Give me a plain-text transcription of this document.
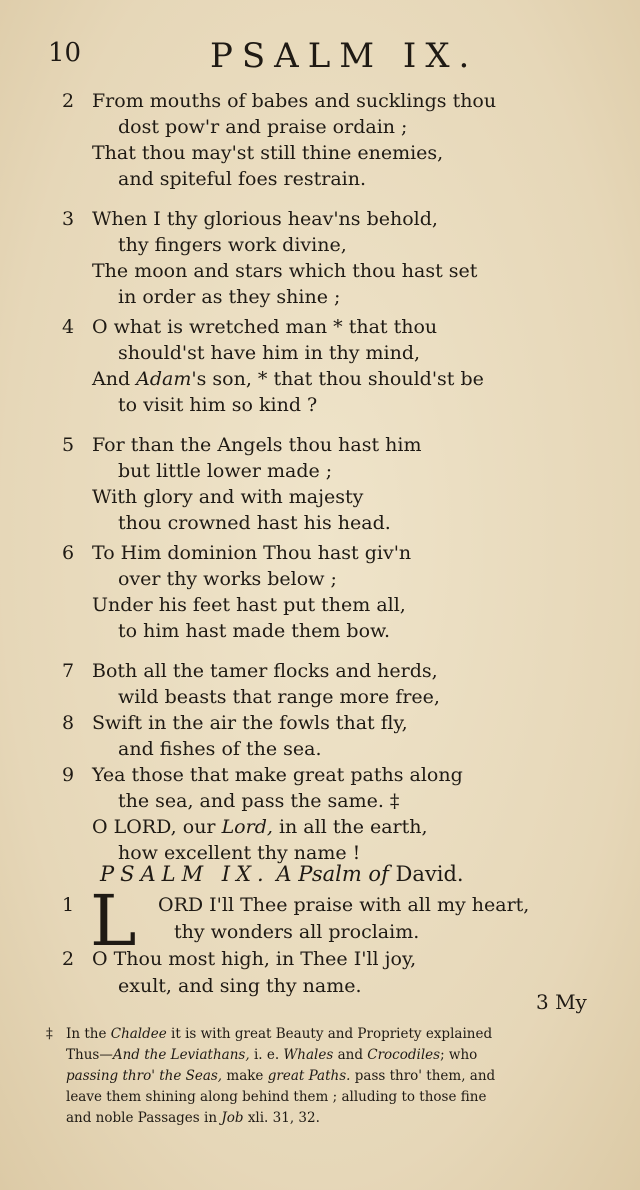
10	PSALM IX.
2 From mouths of babes and sucklings thou
dost pow'r and praise ordain ;
That thou may'st still thine enemies,
and spiteful foes restrain.
3 When I thy glorious heav'ns behold,
thy fingers work divine,
The moon and stars which thou hast set
in order as they shine ;
4 O what is wretched man * that thou
should'st have him in thy mind,
And Adam's son, * that thou should'st be
to visit him so kind ?
5 For than the Angels thou hast him
but little lower made ;
With glory and with majesty
thou crowned hast his head.
6 To Him dominion Thou hast giv'n
over thy works below ;
Under his feet hast put them all,
to him hast made them bow.
7 Both all the tamer flocks and herds,
wild beasts that range more free,
8 Swift in the air the fowls that fly,
and fishes of the sea.
9 Yea those that make great paths along
the sea, and pass the same. ‡
O LORD, our Lord, in all the earth,
how excellent thy name !
PSALM IX. A Psalm of David.
L
1	ORD I'll Thee praise with all my heart,
thy wonders all proclaim.
2 O Thou most high, in Thee I'll joy,
exult, and sing thy name.
3 My
‡ In the Chaldee it is with great Beauty and Propriety explained
Thus—And the Leviathans, i. e. Whales and Crocodiles; who
passing thro' the Seas, make great Paths. pass thro' them, and
leave them shining along behind them ; alluding to those fine
and noble Passages in Job xli. 31, 32.
